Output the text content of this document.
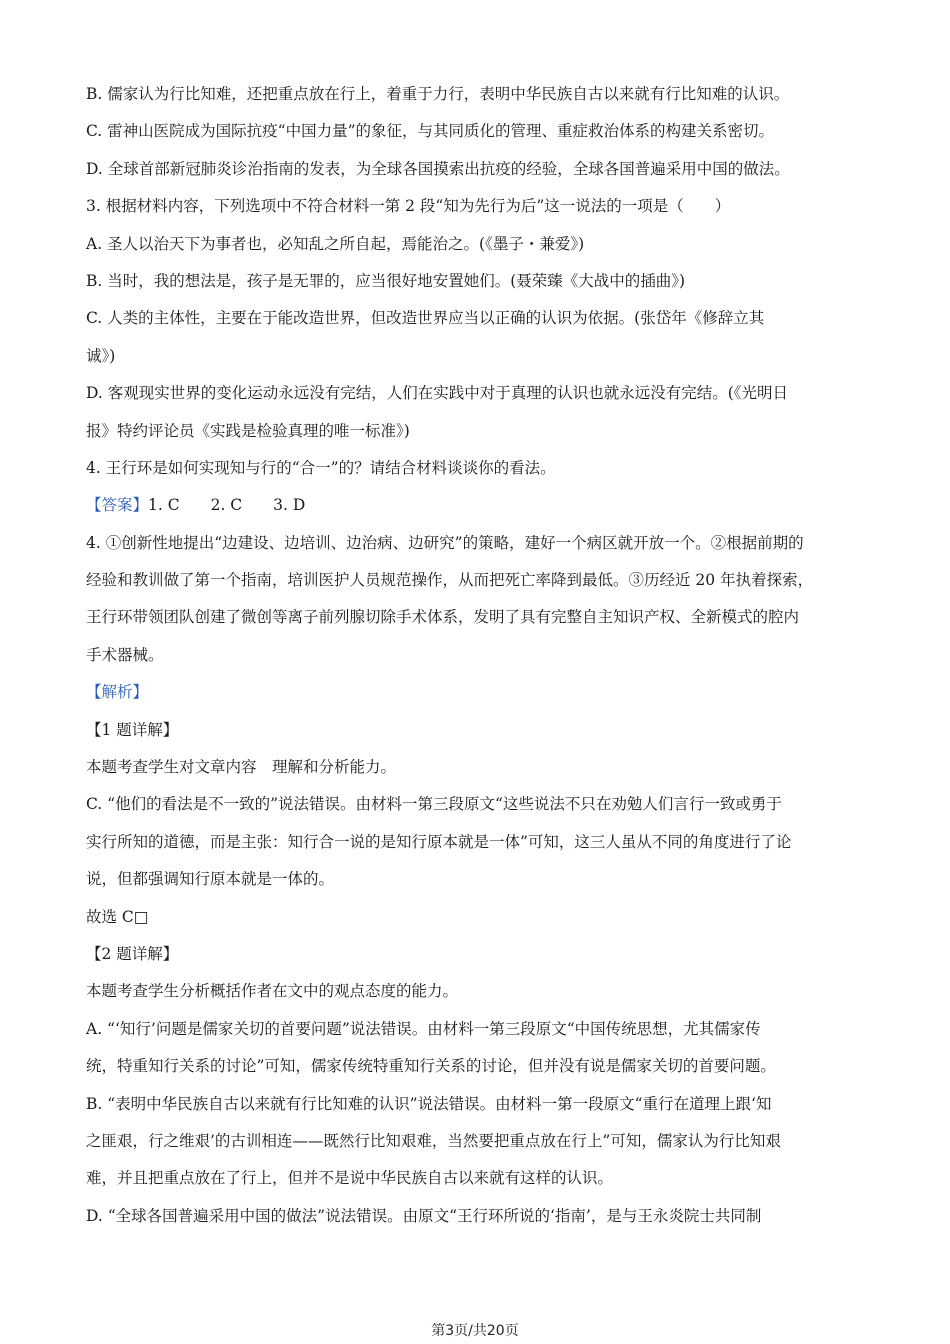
B. 儒家认为行比知难，还把重点放在行上，着重于力行，表明中华民族自古以来就有行比知难的认识。
C. 雷神山医院成为国际抗疫“中国力量”的象征，与其同质化的管理、重症救治体系的构建关系密切。
D. 全球首部新冠肺炎诊治指南的发表，为全球各国摸索出抗疫的经验，全球各国普遍采用中国的做法。
3. 根据材料内容，下列选项中不符合材料一第 2 段“知为先行为后”这一说法的一项是（　　）
A. 圣人以治天下为事者也，必知乱之所自起，焉能治之。(《墨子・兼爱》)
B. 当时，我的想法是，孩子是无罪的，应当很好地安置她们。(聂荣臻《大战中的插曲》)
C. 人类的主体性，主要在于能改造世界，但改造世界应当以正确的认识为依据。(张岱年《修辞立其
诚》)
D. 客观现实世界的变化运动永远没有完结，人们在实践中对于真理的认识也就永远没有完结。(《光明日
报》特约评论员《实践是检验真理的唯一标准》)
4. 王行环是如何实现知与行的“合一”的？请结合材料谈谈你的看法。
【答案】1. C　　2. C　　3. D
4. ①创新性地提出“边建设、边培训、边治病、边研究”的策略，建好一个病区就开放一个。②根据前期的
经验和教训做了第一个指南，培训医护人员规范操作，从而把死亡率降到最低。③历经近 20 年执着探索，
王行环带领团队创建了微创等离子前列腺切除手术体系，发明了具有完整自主知识产权、全新模式的腔内
手术器械。
【解析】
【1 题详解】
本题考查学生对文章内容　理解和分析能力。
C. “他们的看法是不一致的”说法错误。由材料一第三段原文“这些说法不只在劝勉人们言行一致或勇于
实行所知的道德，而是主张：知行合一说的是知行原本就是一体”可知，这三人虽从不同的角度进行了论
说，但都强调知行原本就是一体的。
故选 C□
【2 题详解】
本题考查学生分析概括作者在文中的观点态度的能力。
A. “‘知行’问题是儒家关切的首要问题”说法错误。由材料一第三段原文“中国传统思想，尤其儒家传
统，特重知行关系的讨论”可知，儒家传统特重知行关系的讨论，但并没有说是儒家关切的首要问题。
B. “表明中华民族自古以来就有行比知难的认识”说法错误。由材料一第一段原文“重行在道理上跟‘知
之匪艰，行之维艰’的古训相连——既然行比知艰难，当然要把重点放在行上”可知，儒家认为行比知艰
难，并且把重点放在了行上，但并不是说中华民族自古以来就有这样的认识。
D. “全球各国普遍采用中国的做法”说法错误。由原文“王行环所说的‘指南’，是与王永炎院士共同制
第3页/共20页
